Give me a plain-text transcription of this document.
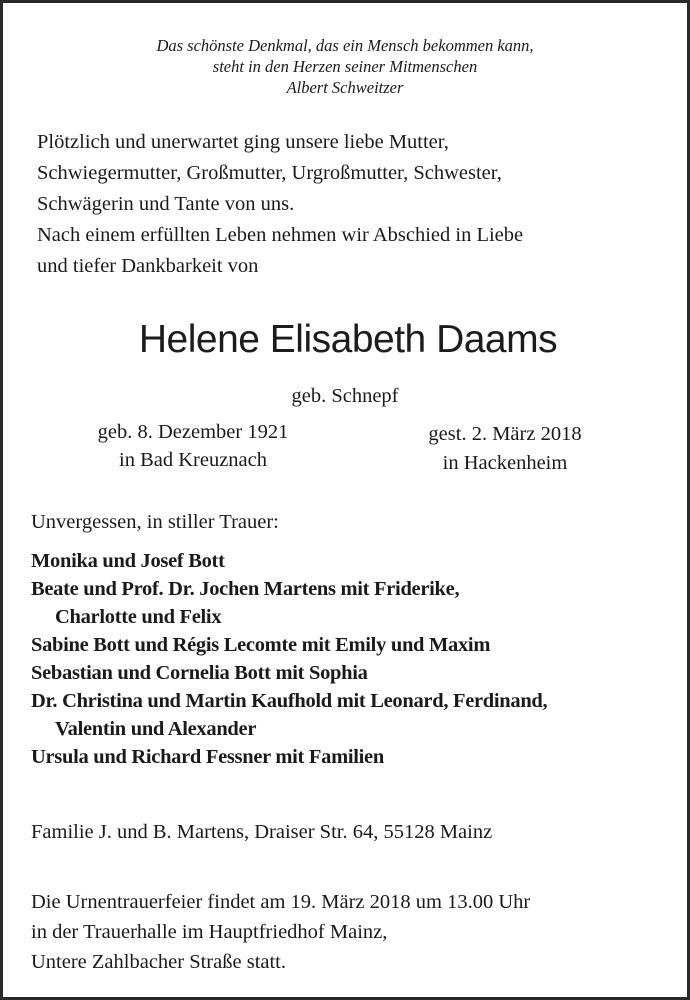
Das schönste Denkmal, das ein Mensch bekommen kann,
steht in den Herzen seiner Mitmenschen
Albert Schweitzer
Plötzlich und unerwartet ging unsere liebe Mutter,
Schwiegermutter, Großmutter, Urgroßmutter, Schwester,
Schwägerin und Tante von uns.
Nach einem erfüllten Leben nehmen wir Abschied in Liebe
und tiefer Dankbarkeit von
Helene Elisabeth Daams
geb. Schnepf
geb. 8. Dezember 1921
in Bad Kreuznach
gest. 2. März 2018
in Hackenheim
Unvergessen, in stiller Trauer:
Monika und Josef Bott
Beate und Prof. Dr. Jochen Martens mit Friderike,
Charlotte und Felix
Sabine Bott und Régis Lecomte mit Emily und Maxim
Sebastian und Cornelia Bott mit Sophia
Dr. Christina und Martin Kaufhold mit Leonard, Ferdinand,
Valentin und Alexander
Ursula und Richard Fessner mit Familien
Familie J. und B. Martens, Draiser Str. 64, 55128 Mainz
Die Urnentrauerfeier findet am 19. März 2018 um 13.00 Uhr
in der Trauerhalle im Hauptfriedhof Mainz,
Untere Zahlbacher Straße statt.
